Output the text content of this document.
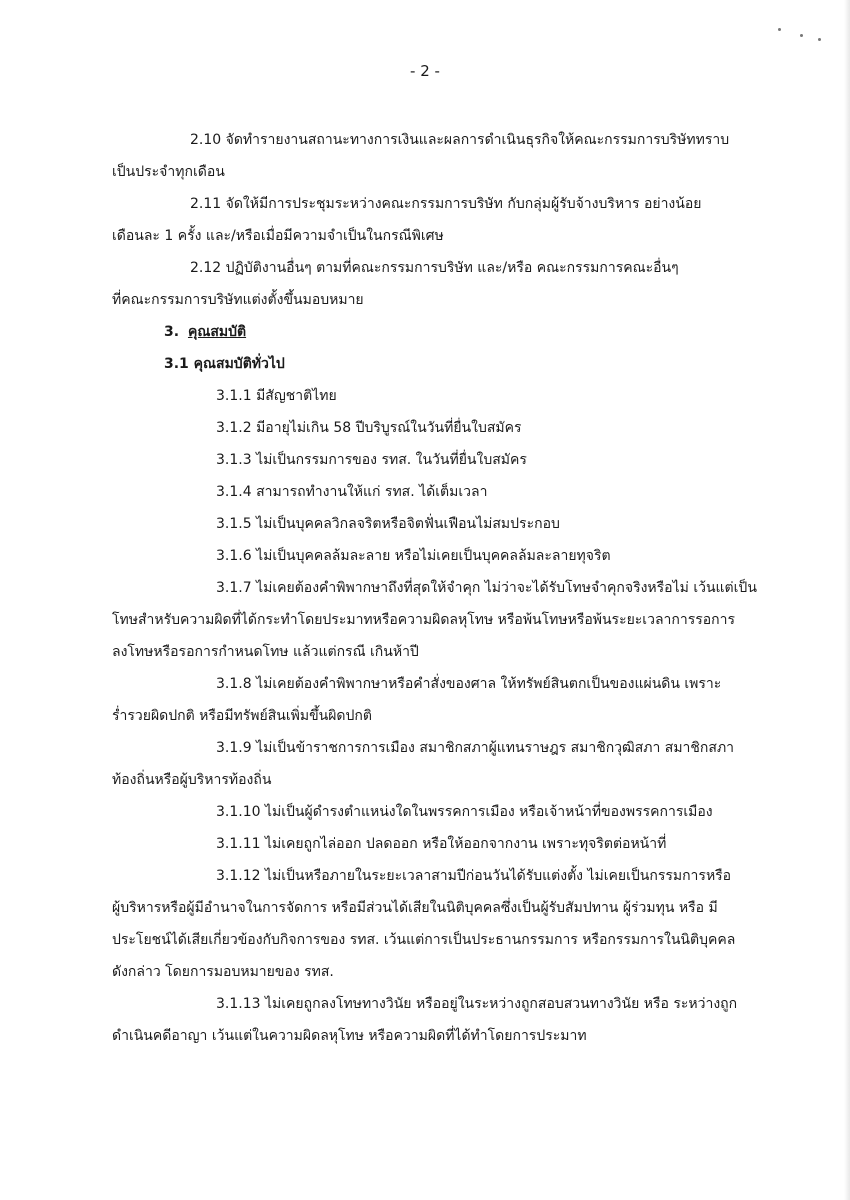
- 2 -
2.10 จัดทำรายงานสถานะทางการเงินและผลการดำเนินธุรกิจให้คณะกรรมการบริษัททราบ
เป็นประจำทุกเดือน
2.11 จัดให้มีการประชุมระหว่างคณะกรรมการบริษัท กับกลุ่มผู้รับจ้างบริหาร อย่างน้อย
เดือนละ 1 ครั้ง และ/หรือเมื่อมีความจำเป็นในกรณีพิเศษ
2.12 ปฏิบัติงานอื่นๆ ตามที่คณะกรรมการบริษัท และ/หรือ คณะกรรมการคณะอื่นๆ
ที่คณะกรรมการบริษัทแต่งตั้งขึ้นมอบหมาย
3. คุณสมบัติ
3.1 คุณสมบัติทั่วไป
3.1.1 มีสัญชาติไทย
3.1.2 มีอายุไม่เกิน 58 ปีบริบูรณ์ในวันที่ยื่นใบสมัคร
3.1.3 ไม่เป็นกรรมการของ รทส. ในวันที่ยื่นใบสมัคร
3.1.4 สามารถทำงานให้แก่ รทส. ได้เต็มเวลา
3.1.5 ไม่เป็นบุคคลวิกลจริตหรือจิตฟั่นเฟือนไม่สมประกอบ
3.1.6 ไม่เป็นบุคคลล้มละลาย หรือไม่เคยเป็นบุคคลล้มละลายทุจริต
3.1.7 ไม่เคยต้องคำพิพากษาถึงที่สุดให้จำคุก ไม่ว่าจะได้รับโทษจำคุกจริงหรือไม่ เว้นแต่เป็น
โทษสำหรับความผิดที่ได้กระทำโดยประมาทหรือความผิดลหุโทษ หรือพ้นโทษหรือพ้นระยะเวลาการรอการ
ลงโทษหรือรอการกำหนดโทษ แล้วแต่กรณี เกินห้าปี
3.1.8 ไม่เคยต้องคำพิพากษาหรือคำสั่งของศาล ให้ทรัพย์สินตกเป็นของแผ่นดิน เพราะ
ร่ำรวยผิดปกติ หรือมีทรัพย์สินเพิ่มขึ้นผิดปกติ
3.1.9 ไม่เป็นข้าราชการการเมือง สมาชิกสภาผู้แทนราษฎร สมาชิกวุฒิสภา สมาชิกสภา
ท้องถิ่นหรือผู้บริหารท้องถิ่น
3.1.10 ไม่เป็นผู้ดำรงตำแหน่งใดในพรรคการเมือง หรือเจ้าหน้าที่ของพรรคการเมือง
3.1.11 ไม่เคยถูกไล่ออก ปลดออก หรือให้ออกจากงาน เพราะทุจริตต่อหน้าที่
3.1.12 ไม่เป็นหรือภายในระยะเวลาสามปีก่อนวันได้รับแต่งตั้ง ไม่เคยเป็นกรรมการหรือ
ผู้บริหารหรือผู้มีอำนาจในการจัดการ หรือมีส่วนได้เสียในนิติบุคคลซึ่งเป็นผู้รับสัมปทาน ผู้ร่วมทุน หรือ มี
ประโยชน์ได้เสียเกี่ยวข้องกับกิจการของ รทส. เว้นแต่การเป็นประธานกรรมการ หรือกรรมการในนิติบุคคล
ดังกล่าว โดยการมอบหมายของ รทส.
3.1.13 ไม่เคยถูกลงโทษทางวินัย หรืออยู่ในระหว่างถูกสอบสวนทางวินัย หรือ ระหว่างถูก
ดำเนินคดีอาญา เว้นแต่ในความผิดลหุโทษ หรือความผิดที่ได้ทำโดยการประมาท
